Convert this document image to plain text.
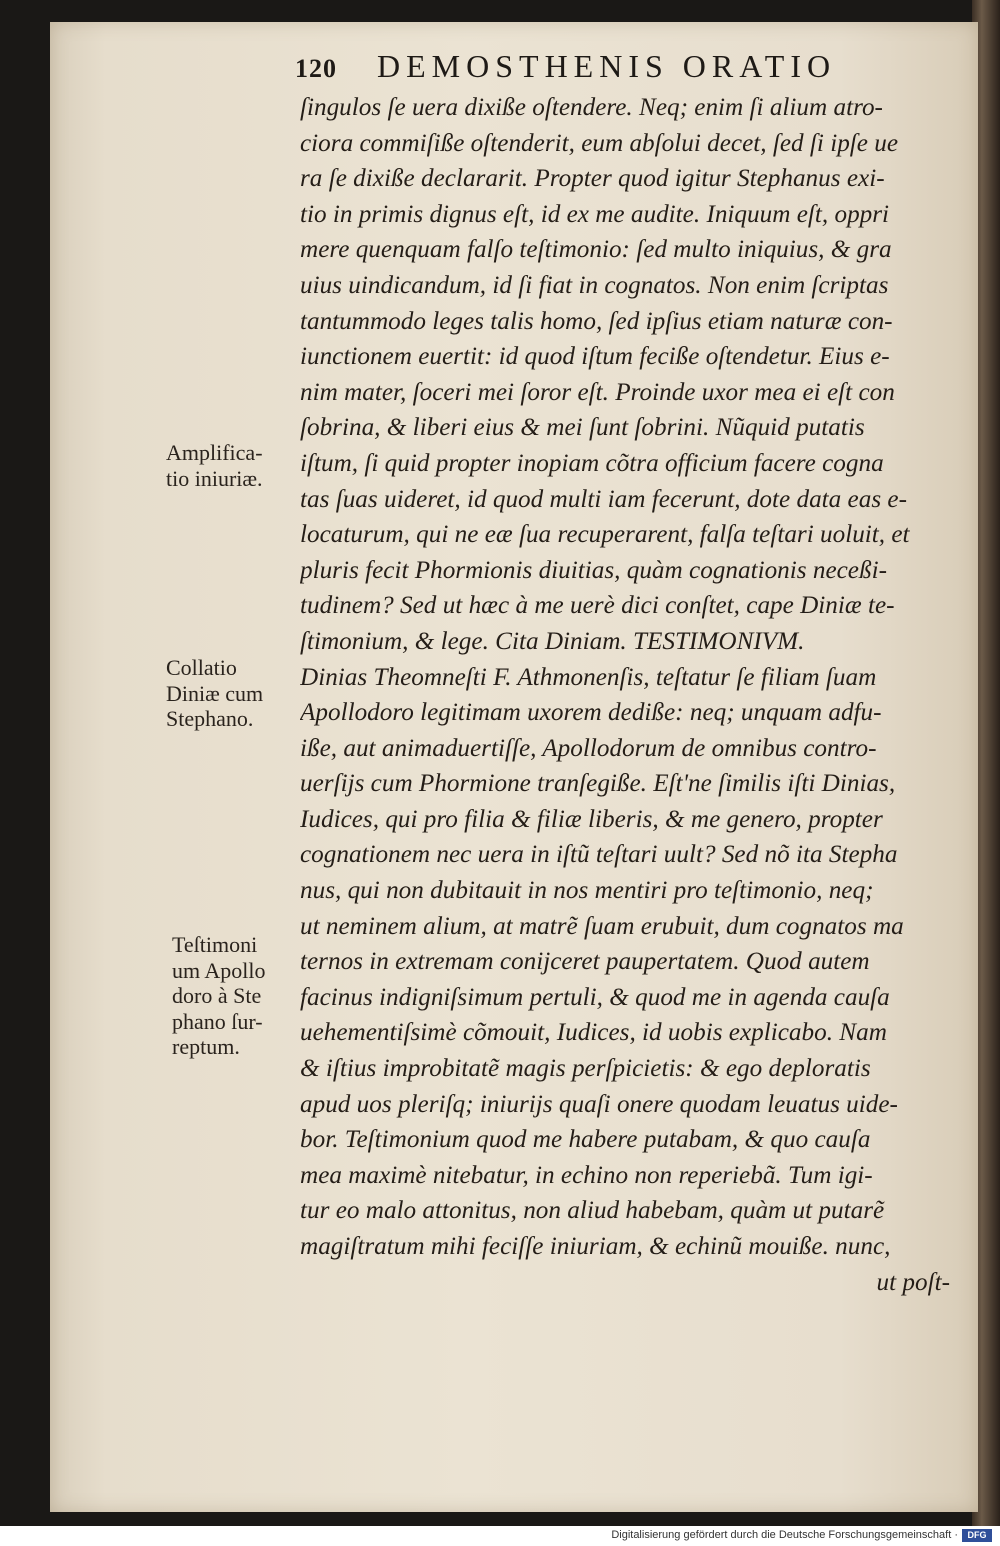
120 DEMOSTHENIS ORATIO
ſingulos ſe uera dixiße oſtendere. Neq; enim ſi alium atro-
ciora commiſiße oſtenderit, eum abſolui decet, ſed ſi ipſe ue
ra ſe dixiße declararit. Propter quod igitur Stephanus exi-
tio in primis dignus eſt, id ex me audite. Iniquum eſt, oppri
mere quenquam falſo teſtimonio: ſed multo iniquius, & gra
uius uindicandum, id ſi fiat in cognatos. Non enim ſcriptas
tantummodo leges talis homo, ſed ipſius etiam naturæ con-
iunctionem euertit: id quod iſtum feciße oſtendetur. Eius e-
nim mater, ſoceri mei ſoror eſt. Proinde uxor mea ei eſt con
ſobrina, & liberi eius & mei ſunt ſobrini. Nũquid putatis
iſtum, ſi quid propter inopiam cõtra officium facere cogna
tas ſuas uideret, id quod multi iam fecerunt, dote data eas e-
locaturum, qui ne eæ ſua recuperarent, falſa teſtari uoluit, et
pluris fecit Phormionis diuitias, quàm cognationis neceßi-
tudinem? Sed ut hæc à me uerè dici conſtet, cape Diniæ te-
ſtimonium, & lege. Cita Diniam. TESTIMONIVM.
Dinias Theomneſti F. Athmonenſis, teſtatur ſe filiam ſuam
Apollodoro legitimam uxorem dediße: neq; unquam adfu-
iße, aut animaduertiſſe, Apollodorum de omnibus contro-
uerſijs cum Phormione tranſegiße. Eſt'ne ſimilis iſti Dinias,
Iudices, qui pro filia & filiæ liberis, & me genero, propter
cognationem nec uera in iſtũ teſtari uult? Sed nõ ita Stepha
nus, qui non dubitauit in nos mentiri pro teſtimonio, neq;
ut neminem alium, at matrẽ ſuam erubuit, dum cognatos ma
ternos in extremam conijceret paupertatem. Quod autem
facinus indigniſsimum pertuli, & quod me in agenda cauſa
uehementiſsimè cõmouit, Iudices, id uobis explicabo. Nam
& iſtius improbitatẽ magis perſpicietis: & ego deploratis
apud uos pleriſq; iniurijs quaſi onere quodam leuatus uide-
bor. Teſtimonium quod me habere putabam, & quo cauſa
mea maximè nitebatur, in echino non reperiebã. Tum igi-
tur eo malo attonitus, non aliud habebam, quàm ut putarẽ
magiſtratum mihi feciſſe iniuriam, & echinũ mouiße. nunc,
ut poſt-
Amplifica-
tio iniuriæ.
Collatio
Diniæ cum
Stephano.
Teſtimoni
um Apollo
doro à Ste
phano ſur-
reptum.
Digitalisierung gefördert durch die Deutsche Forschungsgemeinschaft ·	DFG
